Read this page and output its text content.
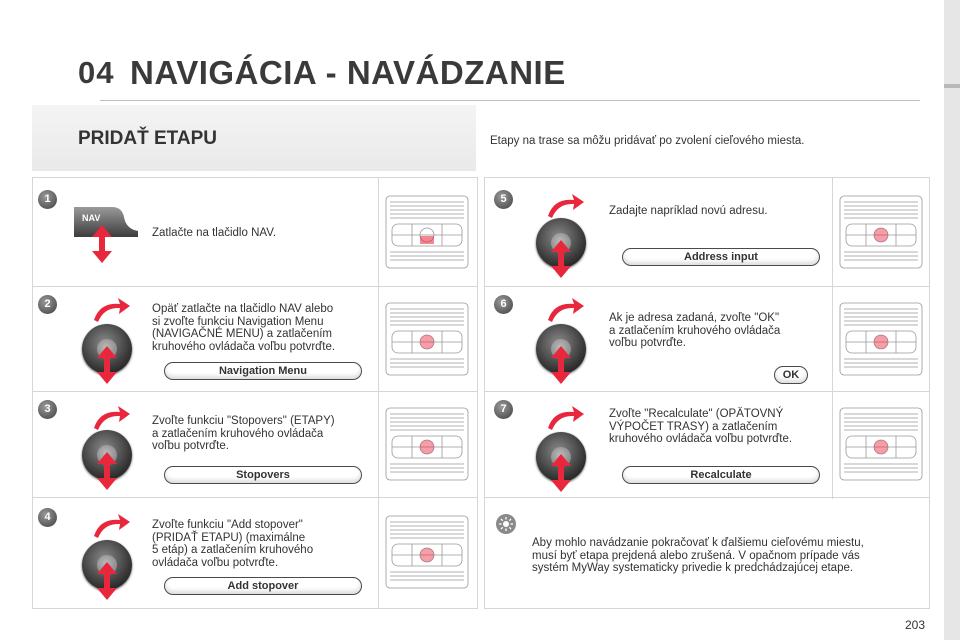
04 NAVIGÁCIA - NAVÁDZANIE
PRIDAŤ ETAPU	Etapy na trase sa môžu pridávať po zvolení cieľového miesta.
1
NAV
Zatlačte na tlačidlo NAV.
2	Opäť zatlačte na tlačidlo NAV alebo
si zvoľte funkciu Navigation Menu
(NAVIGAČNÉ MENU) a zatlačením
kruhového ovládača voľbu potvrďte.
Navigation Menu
3
Zvoľte funkciu "Stopovers" (ETAPY)
a zatlačením kruhového ovládača
voľbu potvrďte.
Stopovers
4
Zvoľte funkciu "Add stopover"
(PRIDAŤ ETAPU) (maximálne
5 etáp) a zatlačením kruhového
ovládača voľbu potvrďte.
Add stopover
5
Zadajte napríklad novú adresu.
Address input
6
Ak je adresa zadaná, zvoľte "OK"
a zatlačením kruhového ovládača
voľbu potvrďte.
OK
7	Zvoľte "Recalculate" (OPÄTOVNÝ
VÝPOČET TRASY) a zatlačením
kruhového ovládača voľbu potvrďte.
Recalculate
Aby mohlo navádzanie pokračovať k ďalšiemu cieľovému miestu,
musí byť etapa prejdená alebo zrušená. V opačnom prípade vás
systém MyWay systematicky privedie k predchádzajúcej etape.
203
